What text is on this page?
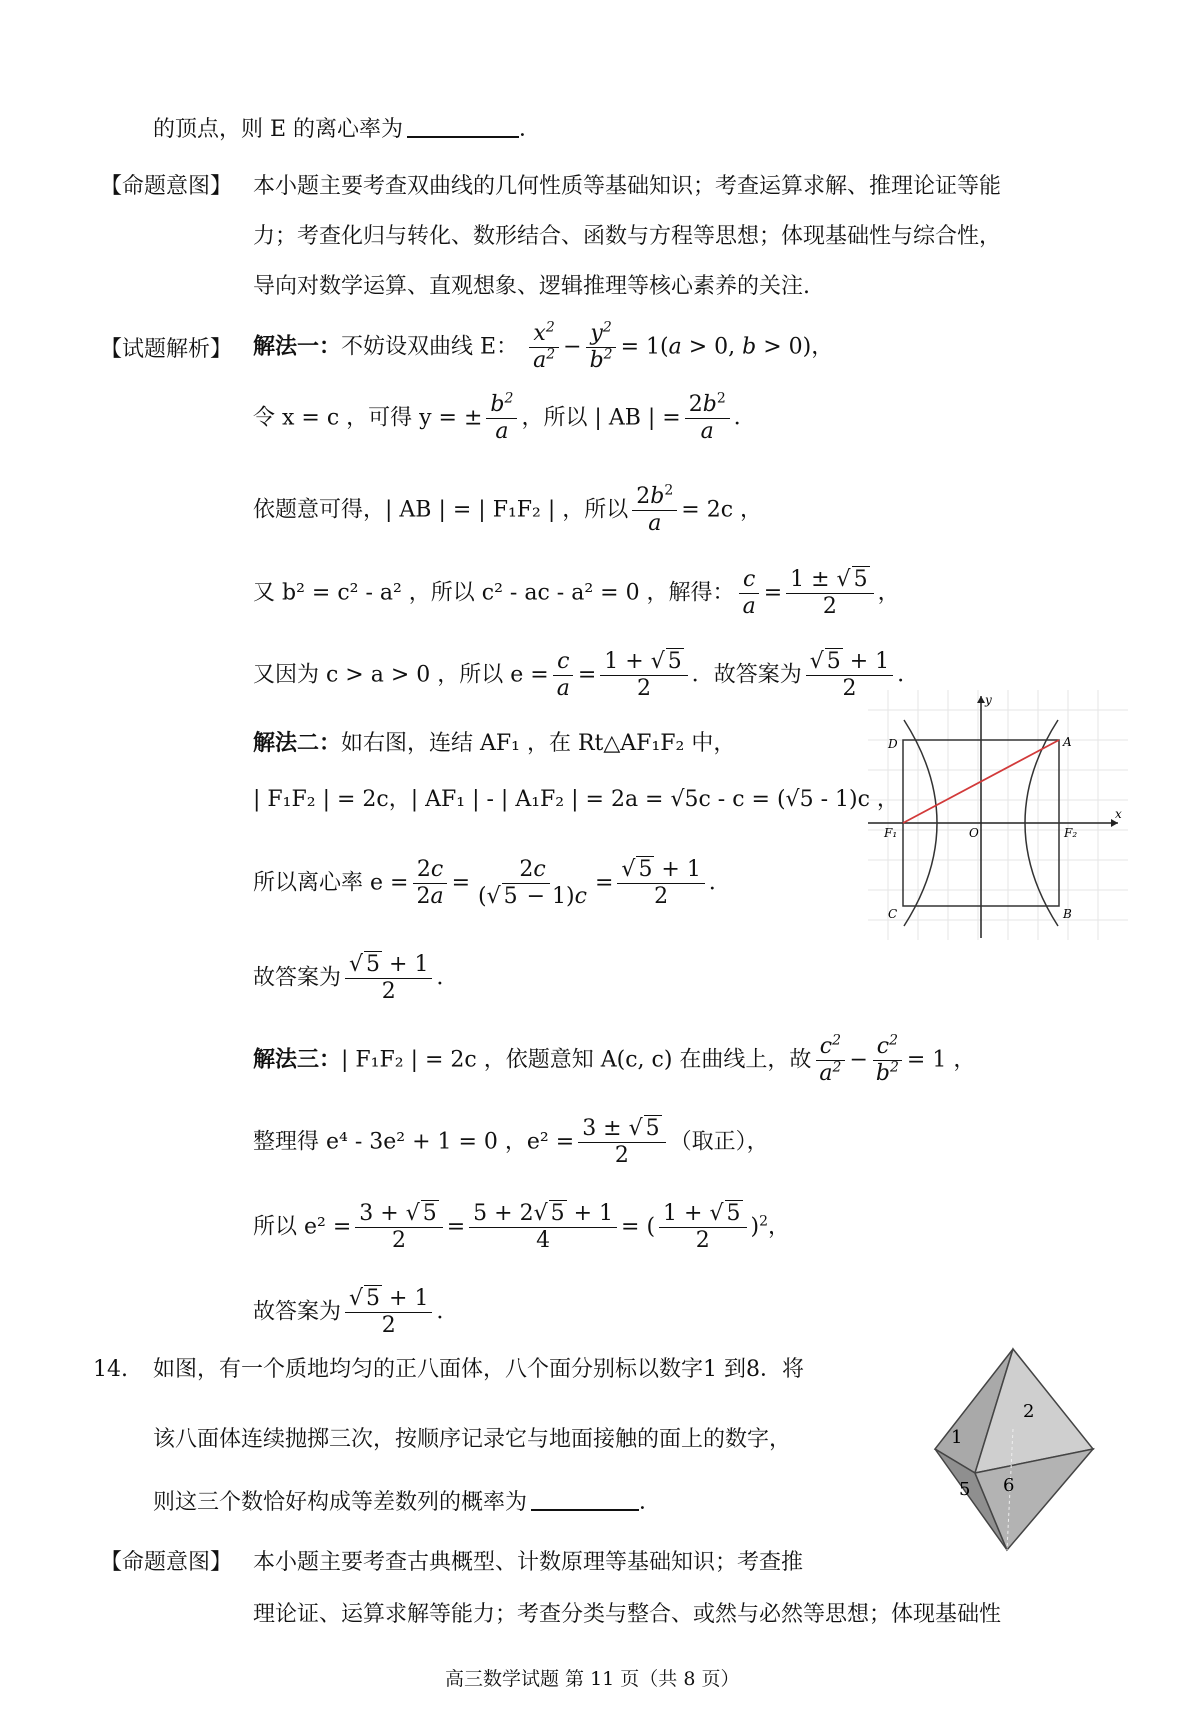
的顶点，则 E 的离心率为	．
【命题意图】 本小题主要考查双曲线的几何性质等基础知识；考查运算求解、推理论证等能
力；考查化归与转化、数形结合、函数与方程等思想；体现基础性与综合性，
导向对数学运算、直观想象、逻辑推理等核心素养的关注.
【试题解析】 解法一：不妨设双曲线 E： $\frac{x^2}{a^2} - \frac{y^2}{b^2} = 1(a > 0$, b > 0)，
令 x = c ，可得 y = ± $\frac{b^2}{a}$ ，所以 | AB | = $\frac{2b^2}{a}$ ．
依题意可得，| AB | = | F₁F₂ | ，所以 $\frac{2b^2}{a} = 2c$ ，
又 b² = c² - a² ，所以 c² - ac - a² = 0 ，解得： $\frac{c}{a} = \frac{1 \pm √ 5}{2}$ ，
又因为 c > a > 0 ，所以 $e = \frac{c}{a} = \frac{1 + √ 5}{2}$ ．故答案为 $\frac{√ 5 + 1}{2}$ ．
解法二：如右图，连结 AF₁ ，在 Rt△AF₁F₂ 中，
| F₁F₂ | = 2c，| AF₁ | - | A₁F₂ | = 2a = √5c - c = (√5 - 1)c ，
所以离心率 $e = \frac{2c}{2a} = \frac{2c}{(√ 5 - 1)c} = \frac{√ 5 + 1}{2}$ ．
故答案为 $\frac{√ 5 + 1}{2}$ ．
解法三：| F₁F₂ | = 2c ，依题意知 A(c, c) 在曲线上，故 $\frac{c^2}{a^2} - \frac{c^2}{b^2} = 1$ ，
整理得 e⁴ - 3e² + 1 = 0 ，$e^2 = \frac{3 \pm √ 5}{2}$ （取正），
所以 $e^2 = \frac{3 + √ 5}{2} = \frac{5 + 2√ 5 + 1}{4}$ = ( $\frac{1 + √ 5}{2} )^2$，
故答案为 $\frac{√ 5 + 1}{2}$ ．
D	A
C	B
F₁	F₂
O
x
y
14. 如图，有一个质地均匀的正八面体，八个面分别标以数字1 到8．将
该八面体连续抛掷三次，按顺序记录它与地面接触的面上的数字，
则这三个数恰好构成等差数列的概率为	．
1
2
5 6
【命题意图】 本小题主要考查古典概型、计数原理等基础知识；考查推
理论证、运算求解等能力；考查分类与整合、或然与必然等思想；体现基础性
高三数学试题 第 11 页（共 8 页）
